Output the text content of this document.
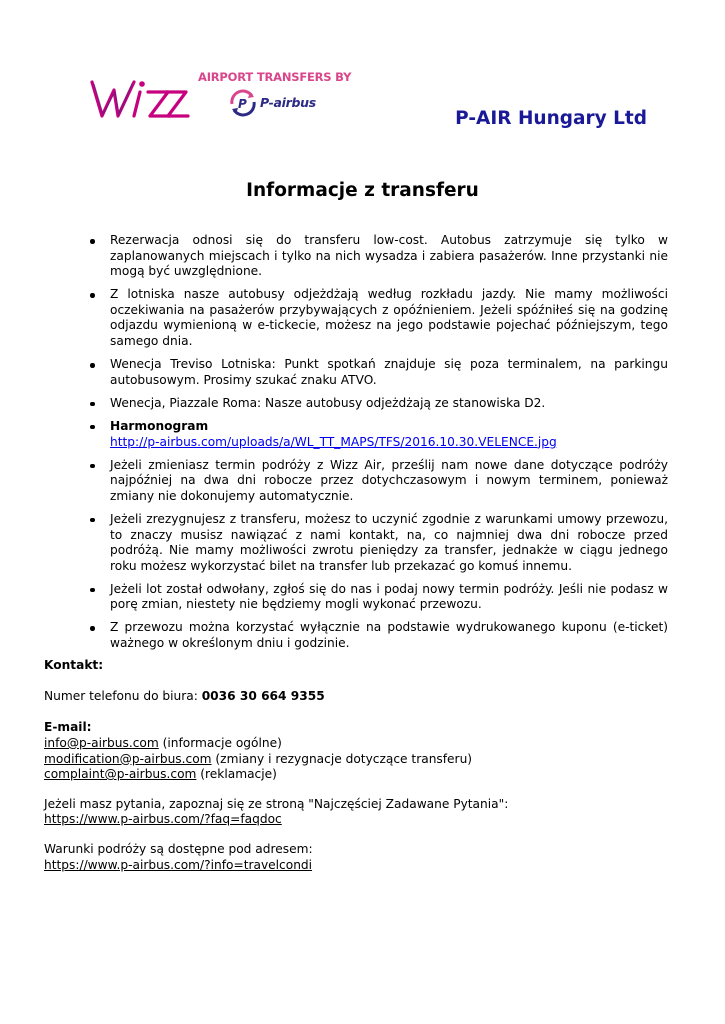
AIRPORT TRANSFERS BY
P P-airbus
P-AIR Hungary Ltd
Informacje z transferu
Rezerwacja odnosi się do transferu low-cost. Autobus zatrzymuje się tylko w zaplanowanych miejscach i tylko na nich wysadza i zabiera pasażerów. Inne przystanki nie mogą być uwzględnione.
Z lotniska nasze autobusy odjeżdżają według rozkładu jazdy. Nie mamy możliwości oczekiwania na pasażerów przybywających z opóźnieniem. Jeżeli spóźniłeś się na godzinę odjazdu wymienioną w e-tickecie, możesz na jego podstawie pojechać późniejszym, tego samego dnia.
Wenecja Treviso Lotniska: Punkt spotkań znajduje się poza terminalem, na parkingu autobusowym. Prosimy szukać znaku ATVO.
Wenecja, Piazzale Roma: Nasze autobusy odjeżdżają ze stanowiska D2.
Harmonogram
http://p-airbus.com/uploads/a/WL_TT_MAPS/TFS/2016.10.30.VELENCE.jpg
Jeżeli zmieniasz termin podróży z Wizz Air, prześlij nam nowe dane dotyczące podróży najpóźniej na dwa dni robocze przez dotychczasowym i nowym terminem, ponieważ zmiany nie dokonujemy automatycznie.
Jeżeli zrezygnujesz z transferu, możesz to uczynić zgodnie z warunkami umowy przewozu, to znaczy musisz nawiązać z nami kontakt, na, co najmniej dwa dni robocze przed podróżą. Nie mamy możliwości zwrotu pieniędzy za transfer, jednakże w ciągu jednego roku możesz wykorzystać bilet na transfer lub przekazać go komuś innemu.
Jeżeli lot został odwołany, zgłoś się do nas i podaj nowy termin podróży. Jeśli nie podasz w porę zmian, niestety nie będziemy mogli wykonać przewozu.
Z przewozu można korzystać wyłącznie na podstawie wydrukowanego kuponu (e-ticket) ważnego w określonym dniu i godzinie.

Kontakt:

Numer telefonu do biura: 0036 30 664 9355

E-mail:

info@p-airbus.com (informacje ogólne)

modification@p-airbus.com (zmiany i rezygnacje dotyczące transferu)

complaint@p-airbus.com (reklamacje)

Jeżeli masz pytania, zapoznaj się ze stroną "Najczęściej Zadawane Pytania":

https://www.p-airbus.com/?faq=faqdoc

Warunki podróży są dostępne pod adresem:

https://www.p-airbus.com/?info=travelcondi
